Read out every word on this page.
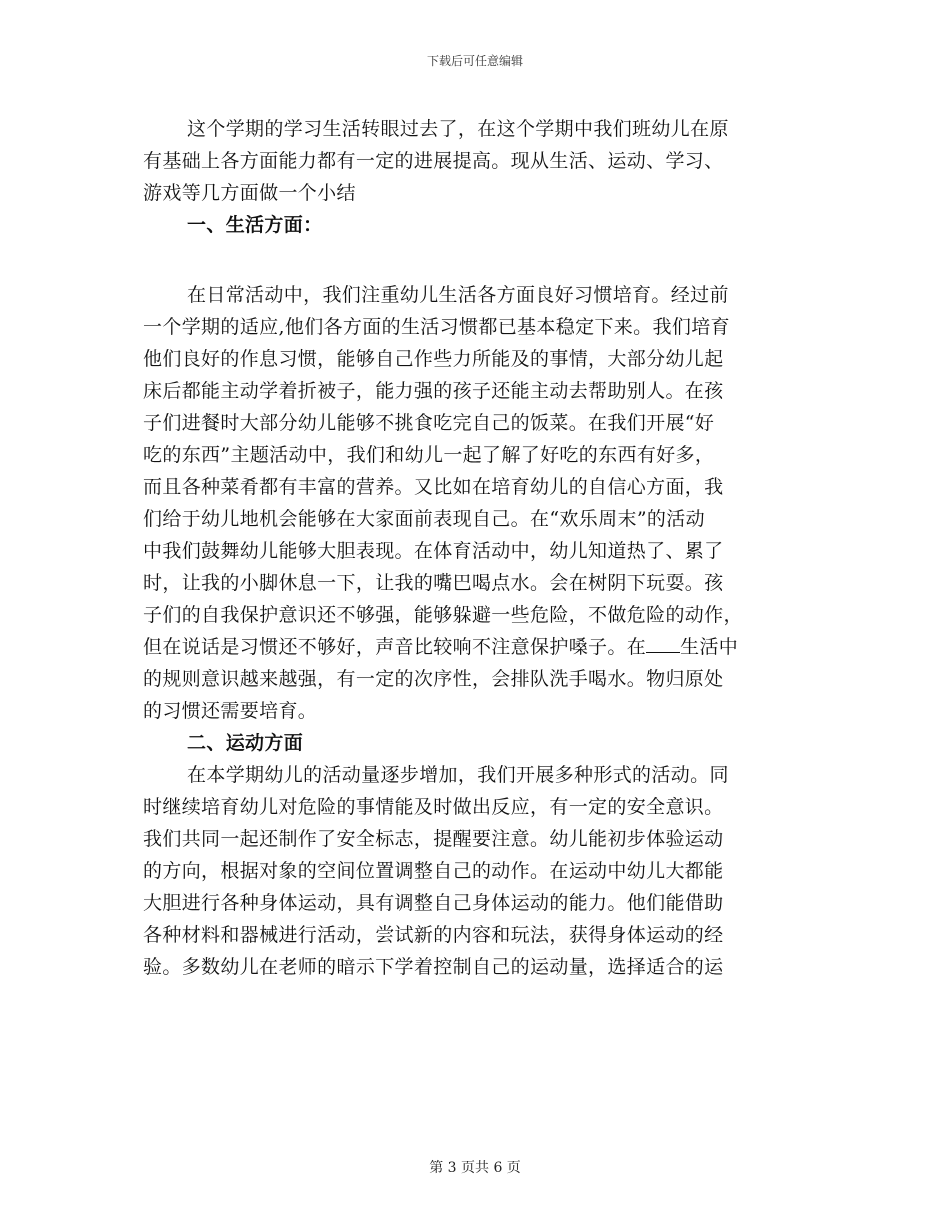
下载后可任意编辑
这个学期的学习生活转眼过去了，在这个学期中我们班幼儿在原
有基础上各方面能力都有一定的进展提高。现从生活、运动、学习、
游戏等几方面做一个小结
一、生活方面：
在日常活动中，我们注重幼儿生活各方面良好习惯培育。经过前
一个学期的适应,他们各方面的生活习惯都已基本稳定下来。我们培育
他们良好的作息习惯，能够自己作些力所能及的事情，大部分幼儿起
床后都能主动学着折被子，能力强的孩子还能主动去帮助别人。在孩
子们进餐时大部分幼儿能够不挑食吃完自己的饭菜。在我们开展“好
吃的东西”主题活动中，我们和幼儿一起了解了好吃的东西有好多，
而且各种菜肴都有丰富的营养。又比如在培育幼儿的自信心方面，我
们给于幼儿地机会能够在大家面前表现自己。在“欢乐周末”的活动
中我们鼓舞幼儿能够大胆表现。在体育活动中，幼儿知道热了、累了
时，让我的小脚休息一下，让我的嘴巴喝点水。会在树阴下玩耍。孩
子们的自我保护意识还不够强，能够躲避一些危险，不做危险的动作，
但在说话是习惯还不够好，声音比较响不注意保护嗓子。在 生活中
的规则意识越来越强，有一定的次序性，会排队洗手喝水。物归原处
的习惯还需要培育。
二、运动方面
在本学期幼儿的活动量逐步增加，我们开展多种形式的活动。同
时继续培育幼儿对危险的事情能及时做出反应，有一定的安全意识。
我们共同一起还制作了安全标志，提醒要注意。幼儿能初步体验运动
的方向，根据对象的空间位置调整自己的动作。在运动中幼儿大都能
大胆进行各种身体运动，具有调整自己身体运动的能力。他们能借助
各种材料和器械进行活动，尝试新的内容和玩法，获得身体运动的经
验。多数幼儿在老师的暗示下学着控制自己的运动量，选择适合的运
第 3 页共 6 页
